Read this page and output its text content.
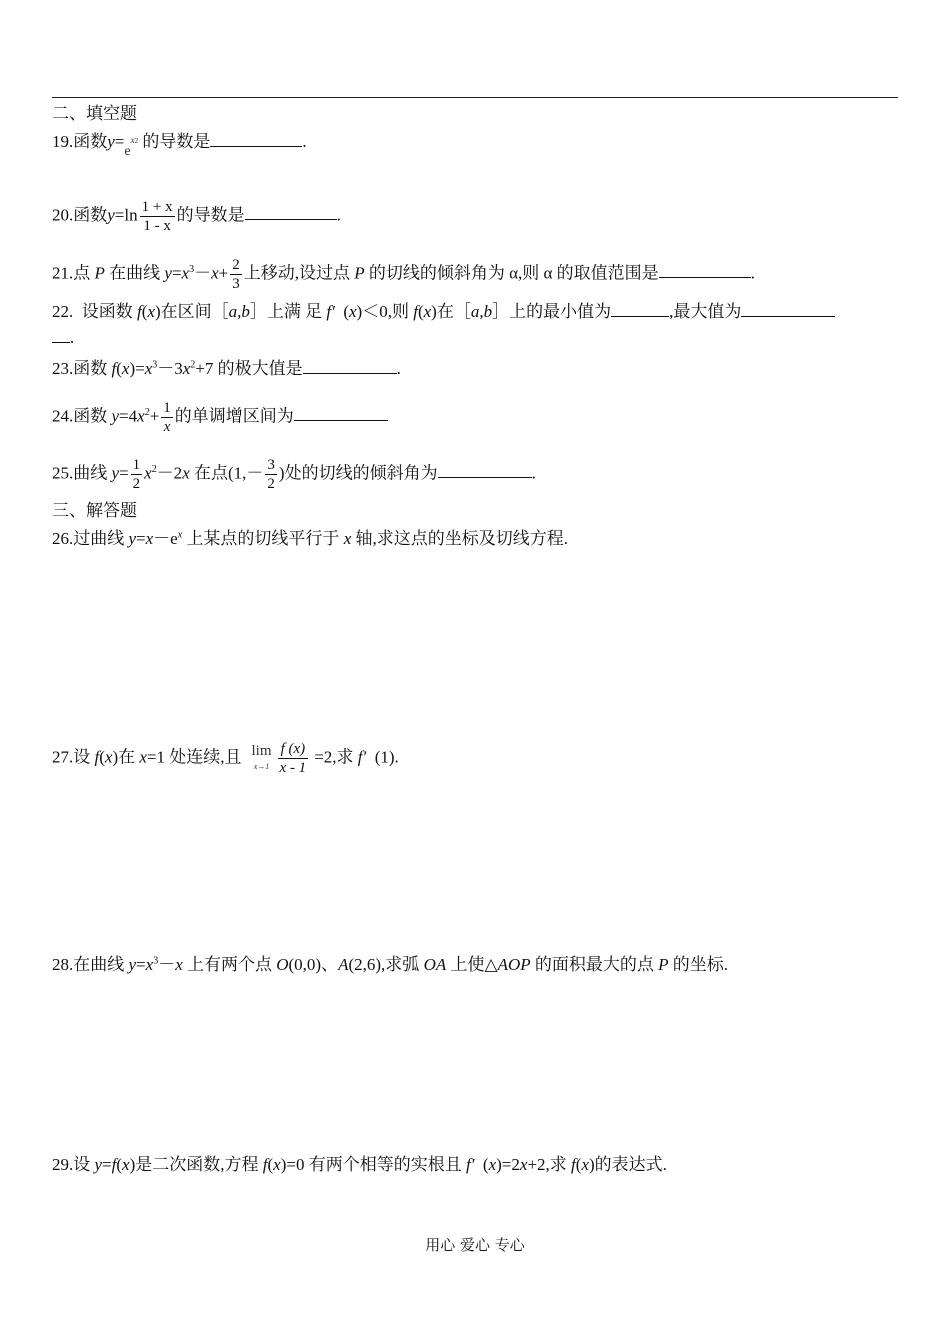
二、填空题
19.函数$y=e^{x2}$ 的导数是	.
20.函数$y=\ln \frac{1 + x}{1 - x}$ 的导数是	.
21.点 P 在曲线 $y=x^3-x+ \frac{2}{3}$ 上移动,设过点 P 的切线的倾斜角为 α,则 α 的取值范围是	.
22. 设函数 f(x)在区间［a,b］上满 足 f′ (x)＜0,则 f(x)在［a,b］上的最小值为	,最大值为
.
23.函数 $f(x)=x^3-3x^2+7$ 的极大值是	.
24.函数 $y=4x^2+ \frac{1}{x}$ 的单调增区间为
25.曲线 $y= \frac{1}{2} x^2-2x$ 在点($1,- \frac{3}{2}$ )处的切线的倾斜角为	.
三、解答题
26.过曲线 $y=x-e^x$ 上某点的切线平行于 x 轴,求这点的坐标及切线方程.
27.设 f(x)在 x=1 处连续,且 lim
$x\to 1 \frac{f (x)}{x - 1} =2$,求 f′ (1).
28.在曲线 $y=x^3-x$ 上有两个点 O(0,0)、A(2,6),求弧 OA 上使△AOP 的面积最大的点 P 的坐标.
29.设 y=f(x)是二次函数,方程 f(x)=0 有两个相等的实根且 f′ (x)=2x+2,求 f(x)的表达式.
用心 爱心 专心
